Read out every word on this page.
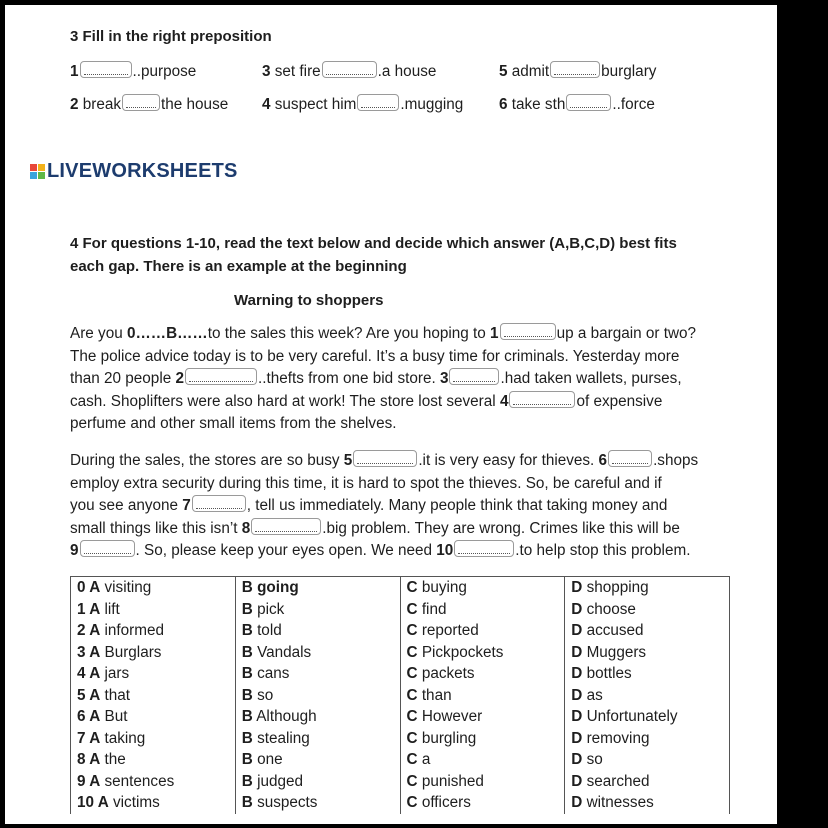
3 Fill in the right preposition
1	..purpose	3 set fire	.a house	5 admit	burglary
2 break	the house 4 suspect him	.mugging 6 take sth	..force
LIVEWORKSHEETS
4 For questions 1-10, read the text below and decide which answer (A,B,C,D) best fits
each gap. There is an example at the beginning
Warning to shoppers
Are you 0……B……to the sales this week? Are you hoping to 1	up a bargain or two?
The police advice today is to be very careful. It’s a busy time for criminals. Yesterday more
than 20 people 2	..thefts from one bid store. 3	.had taken wallets, purses,
cash. Shoplifters were also hard at work! The store lost several 4	of expensive
perfume and other small items from the shelves.
During the sales, the stores are so busy 5	.it is very easy for thieves. 6	.shops
employ extra security during this time, it is hard to spot the thieves. So, be careful and if
you see anyone 7	, tell us immediately. Many people think that taking money and
small things like this isn’t 8	.big problem. They are wrong. Crimes like this will be
9	. So, please keep your eyes open. We need 10	.to help stop this problem.
0 A visiting	B going	C buying	D shopping
1 A lift	B pick	C find	D choose
2 A informed	B told	C reported	D accused
3 A Burglars	B Vandals	C Pickpockets	D Muggers
4 A jars	B cans	C packets	D bottles
5 A that	B so	C than	D as
6 A But	B Although	C However	D Unfortunately
7 A taking	B stealing	C burgling	D removing
8 A the	B one	C a	D so
9 A sentences	B judged	C punished	D searched
10 A victims	B suspects	C officers	D witnesses
